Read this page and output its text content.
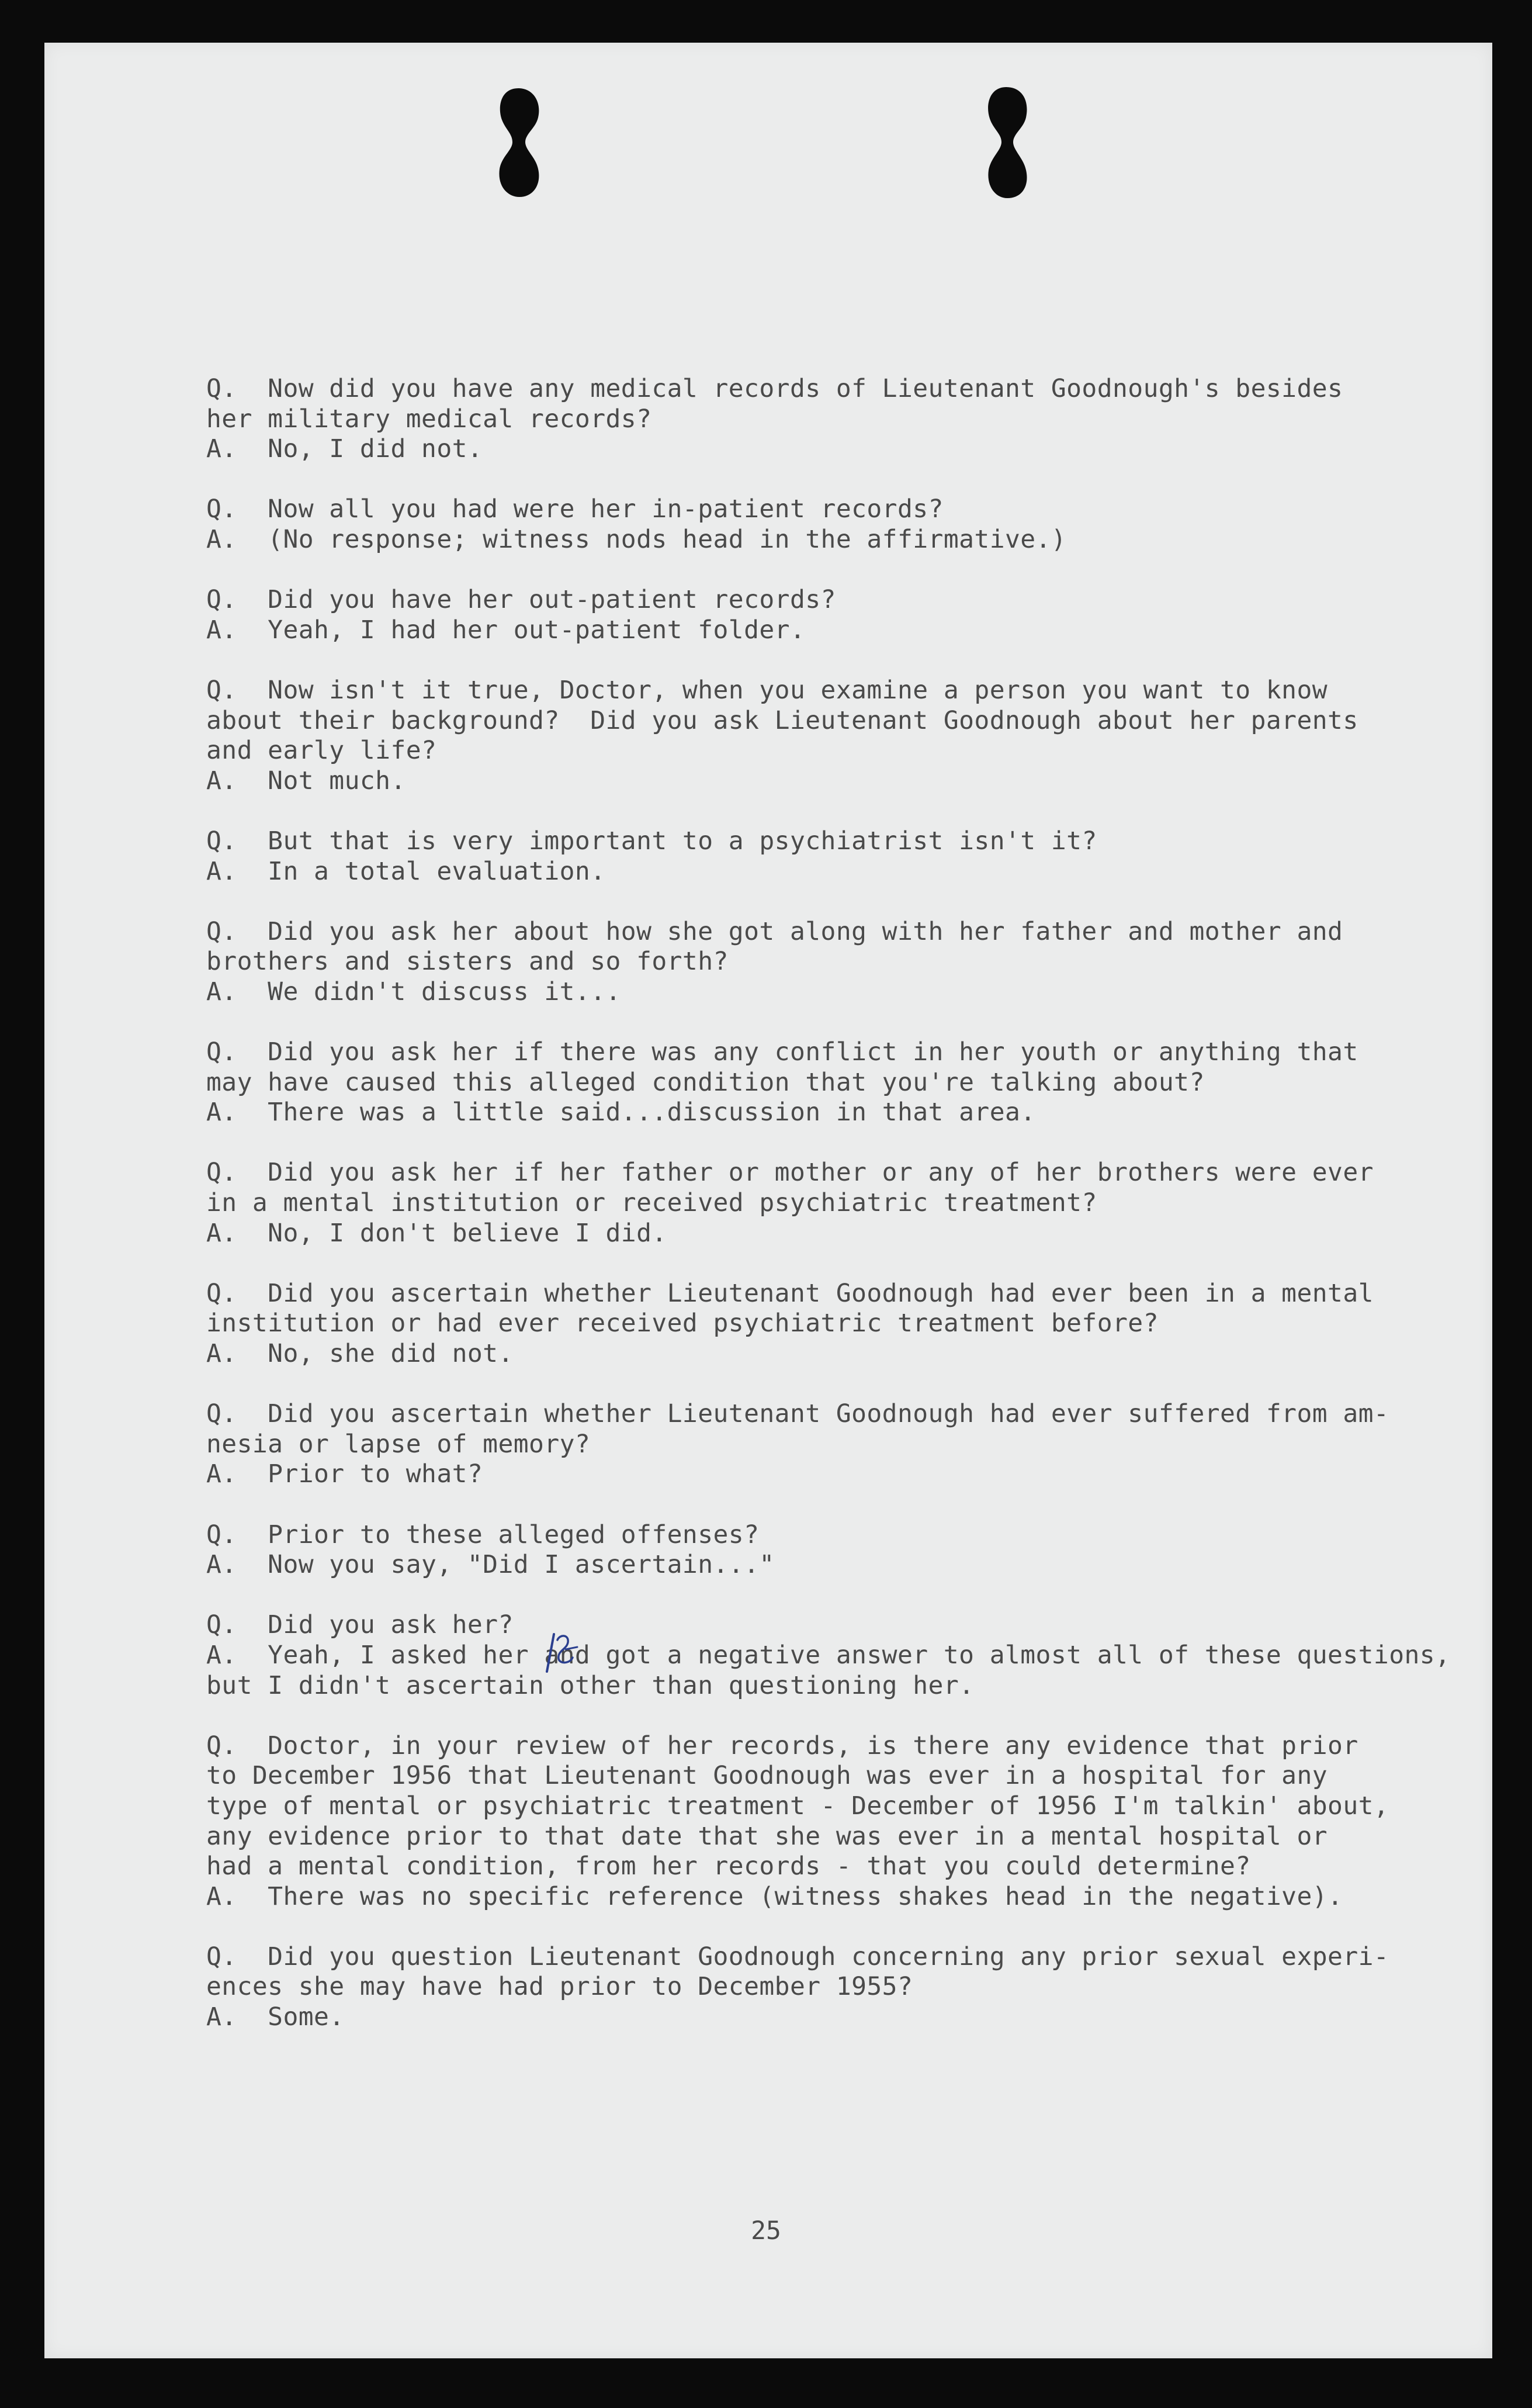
Q.  Now did you have any medical records of Lieutenant Goodnough's besides
her military medical records?
A.  No, I did not.
Q.  Now all you had were her in-patient records?
A.  (No response; witness nods head in the affirmative.)
Q.  Did you have her out-patient records?
A.  Yeah, I had her out-patient folder.
Q.  Now isn't it true, Doctor, when you examine a person you want to know
about their background?  Did you ask Lieutenant Goodnough about her parents
and early life?
A.  Not much.
Q.  But that is very important to a psychiatrist isn't it?
A.  In a total evaluation.
Q.  Did you ask her about how she got along with her father and mother and
brothers and sisters and so forth?
A.  We didn't discuss it...
Q.  Did you ask her if there was any conflict in her youth or anything that
may have caused this alleged condition that you're talking about?
A.  There was a little said...discussion in that area.
Q.  Did you ask her if her father or mother or any of her brothers were ever
in a mental institution or received psychiatric treatment?
A.  No, I don't believe I did.
Q.  Did you ascertain whether Lieutenant Goodnough had ever been in a mental
institution or had ever received psychiatric treatment before?
A.  No, she did not.
Q.  Did you ascertain whether Lieutenant Goodnough had ever suffered from am-
nesia or lapse of memory?
A.  Prior to what?
Q.  Prior to these alleged offenses?
A.  Now you say, "Did I ascertain..."
Q.  Did you ask her?
A.  Yeah, I asked her and got a negative answer to almost all of these questions,
but I didn't ascertain other than questioning her.
Q.  Doctor, in your review of her records, is there any evidence that prior
to December 1956 that Lieutenant Goodnough was ever in a hospital for any
type of mental or psychiatric treatment - December of 1956 I'm talkin' about,
any evidence prior to that date that she was ever in a mental hospital or
had a mental condition, from her records - that you could determine?
A.  There was no specific reference (witness shakes head in the negative).
Q.  Did you question Lieutenant Goodnough concerning any prior sexual experi-
ences she may have had prior to December 1955?
A.  Some.
25
